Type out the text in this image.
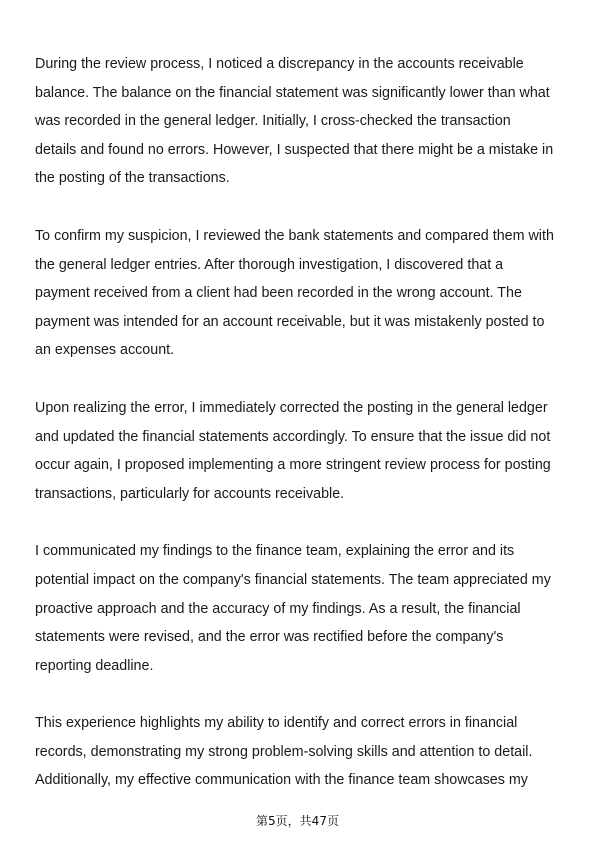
During the review process, I noticed a discrepancy in the accounts receivable
balance. The balance on the financial statement was significantly lower than what
was recorded in the general ledger. Initially, I cross-checked the transaction
details and found no errors. However, I suspected that there might be a mistake in
the posting of the transactions.

To confirm my suspicion, I reviewed the bank statements and compared them with
the general ledger entries. After thorough investigation, I discovered that a
payment received from a client had been recorded in the wrong account. The
payment was intended for an account receivable, but it was mistakenly posted to
an expenses account.

Upon realizing the error, I immediately corrected the posting in the general ledger
and updated the financial statements accordingly. To ensure that the issue did not
occur again, I proposed implementing a more stringent review process for posting
transactions, particularly for accounts receivable.

I communicated my findings to the finance team, explaining the error and its
potential impact on the company's financial statements. The team appreciated my
proactive approach and the accuracy of my findings. As a result, the financial
statements were revised, and the error was rectified before the company's
reporting deadline.

This experience highlights my ability to identify and correct errors in financial
records, demonstrating my strong problem-solving skills and attention to detail.
Additionally, my effective communication with the finance team showcases my

第5页，共47页
